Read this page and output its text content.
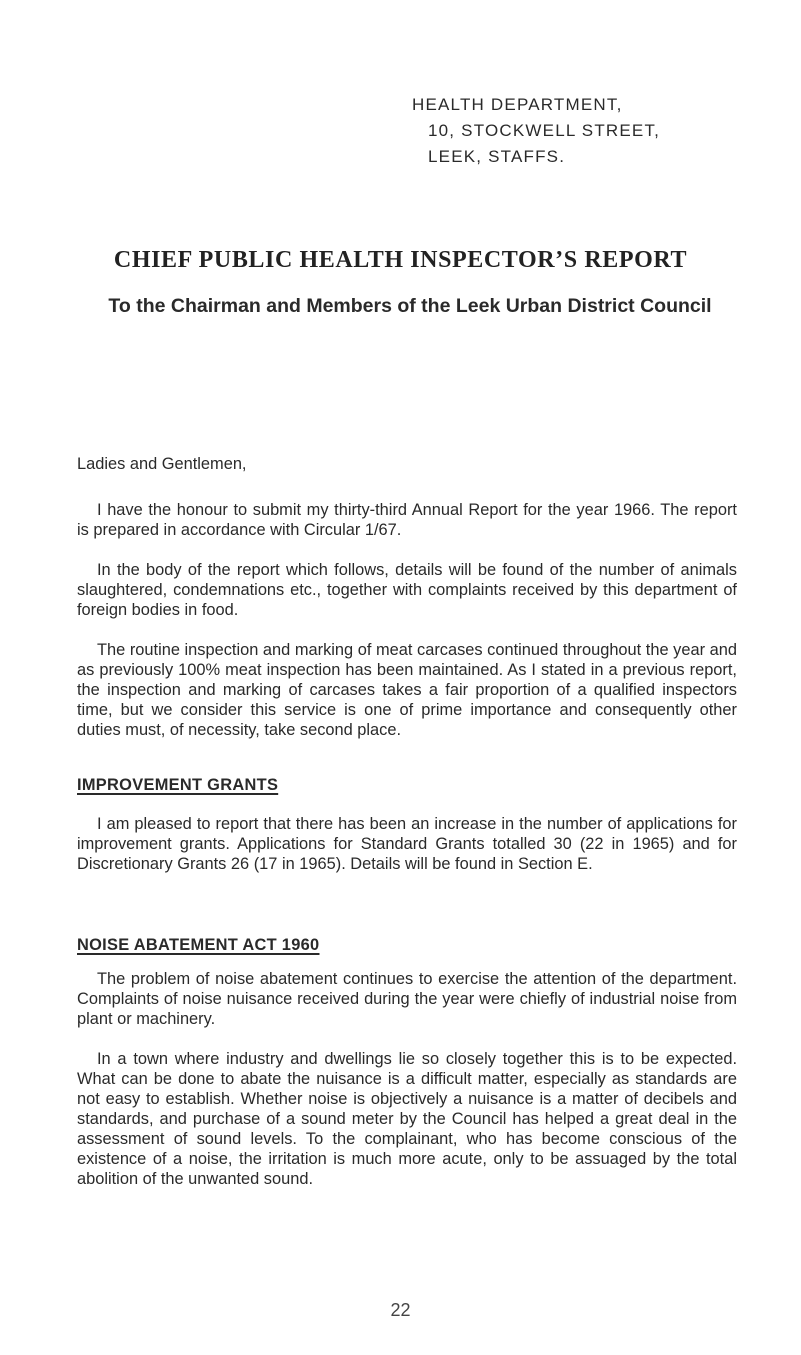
HEALTH DEPARTMENT,
10, STOCKWELL STREET,
LEEK, STAFFS.
CHIEF PUBLIC HEALTH INSPECTOR’S REPORT
To the Chairman and Members of the Leek Urban District Council
Ladies and Gentlemen,

I have the honour to submit my thirty-third Annual Report for the year 1966. The report is prepared in accordance with Circular 1/67.

In the body of the report which follows, details will be found of the number of animals slaughtered, condemnations etc., together with complaints received by this department of foreign bodies in food.

The routine inspection and marking of meat carcases continued throughout the year and as previously 100% meat inspection has been maintained. As I stated in a previous report, the inspection and marking of carcases takes a fair proportion of a qualified inspectors time, but we consider this service is one of prime importance and consequently other duties must, of necessity, take second place.

IMPROVEMENT GRANTS

I am pleased to report that there has been an increase in the number of applications for improvement grants. Applications for Standard Grants totalled 30 (22 in 1965) and for Discretionary Grants 26 (17 in 1965). Details will be found in Section E.

NOISE ABATEMENT ACT 1960

The problem of noise abatement continues to exercise the attention of the department. Complaints of noise nuisance received during the year were chiefly of industrial noise from plant or machinery.

In a town where industry and dwellings lie so closely together this is to be expected. What can be done to abate the nuisance is a difficult matter, especially as standards are not easy to establish. Whether noise is objectively a nuisance is a matter of decibels and standards, and purchase of a sound meter by the Council has helped a great deal in the assessment of sound levels. To the complainant, who has become conscious of the existence of a noise, the irritation is much more acute, only to be assuaged by the total abolition of the unwanted sound.

22
